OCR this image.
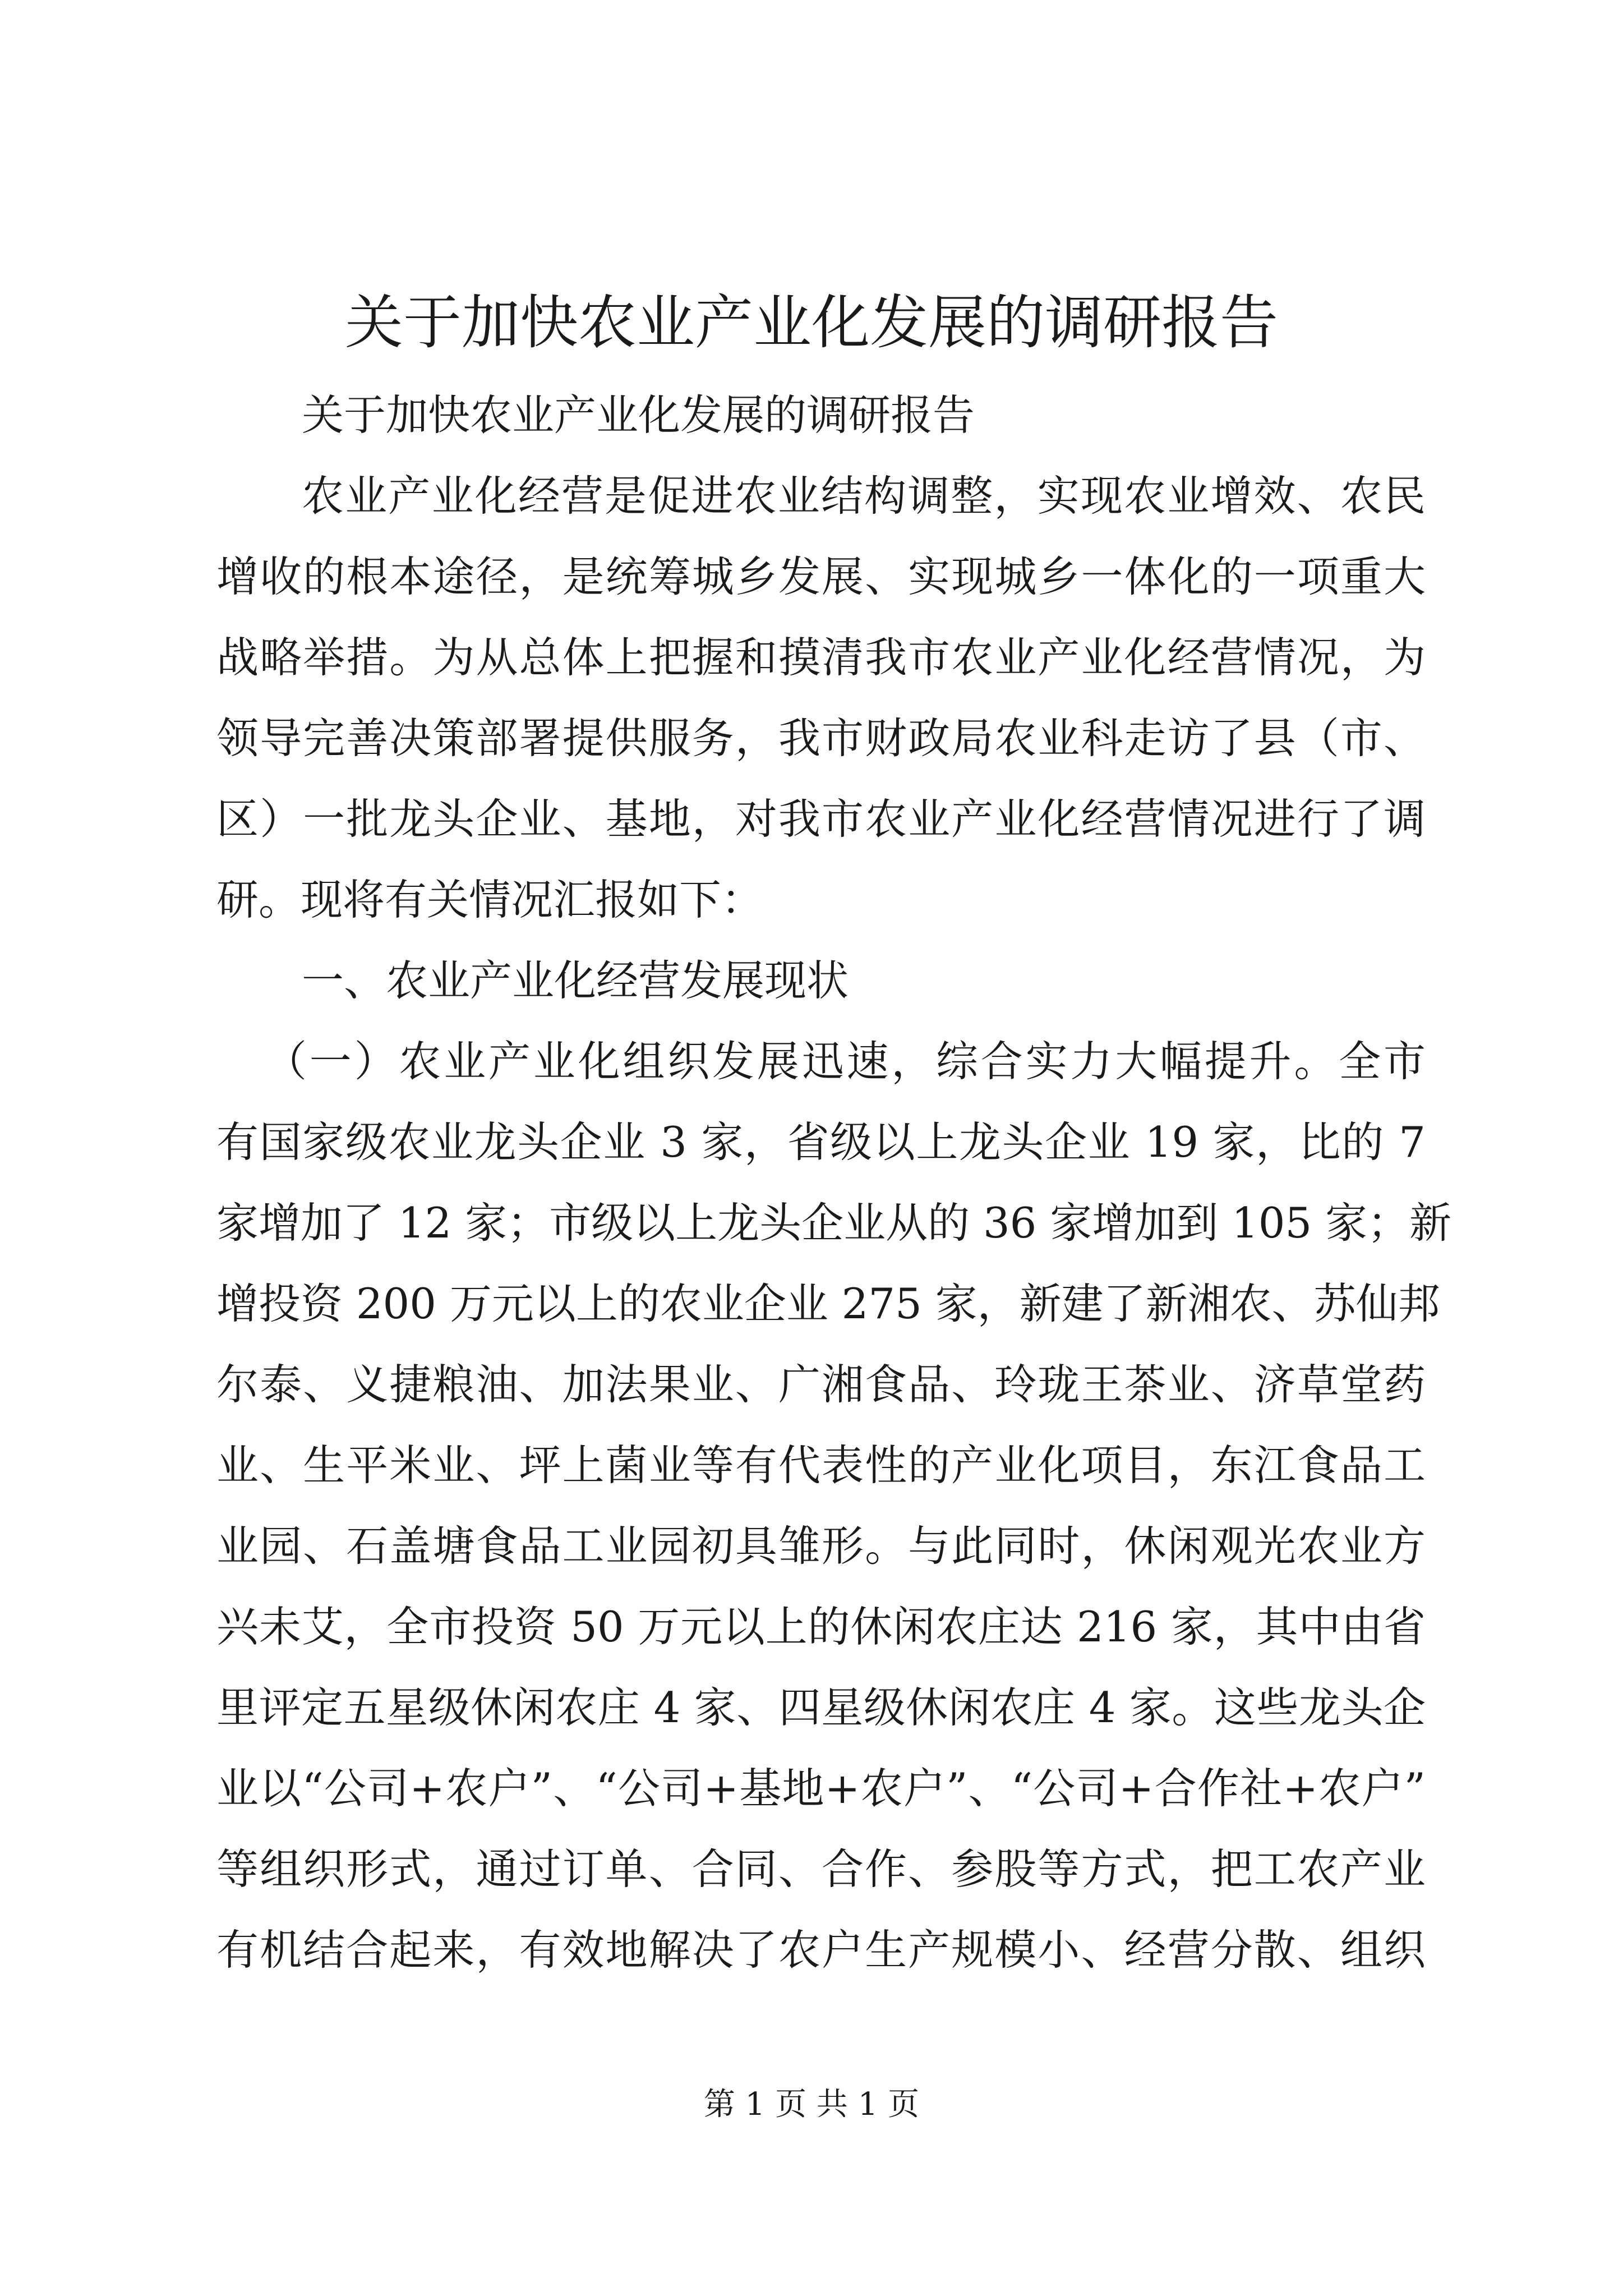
关于加快农业产业化发展的调研报告
关于加快农业产业化发展的调研报告
农业产业化经营是促进农业结构调整，实现农业增效、农民
增收的根本途径，是统筹城乡发展、实现城乡一体化的一项重大
战略举措。为从总体上把握和摸清我市农业产业化经营情况，为
领导完善决策部署提供服务，我市财政局农业科走访了县（市、
区）一批龙头企业、基地，对我市农业产业化经营情况进行了调
研。现将有关情况汇报如下：
一、农业产业化经营发展现状
（一）农业产业化组织发展迅速，综合实力大幅提升。全市
有国家级农业龙头企业 3 家，省级以上龙头企业 19 家，比的 7
家增加了 12 家；市级以上龙头企业从的 36 家增加到 105 家；新
增投资 200 万元以上的农业企业 275 家，新建了新湘农、苏仙邦
尔泰、义捷粮油、加法果业、广湘食品、玲珑王茶业、济草堂药
业、生平米业、坪上菌业等有代表性的产业化项目，东江食品工
业园、石盖塘食品工业园初具雏形。与此同时，休闲观光农业方
兴未艾，全市投资 50 万元以上的休闲农庄达 216 家，其中由省
里评定五星级休闲农庄 4 家、四星级休闲农庄 4 家。这些龙头企
业以“公司+农户”、“公司+基地+农户”、“公司+合作社+农户”
等组织形式，通过订单、合同、合作、参股等方式，把工农产业
有机结合起来，有效地解决了农户生产规模小、经营分散、组织
第 1 页 共 1 页
